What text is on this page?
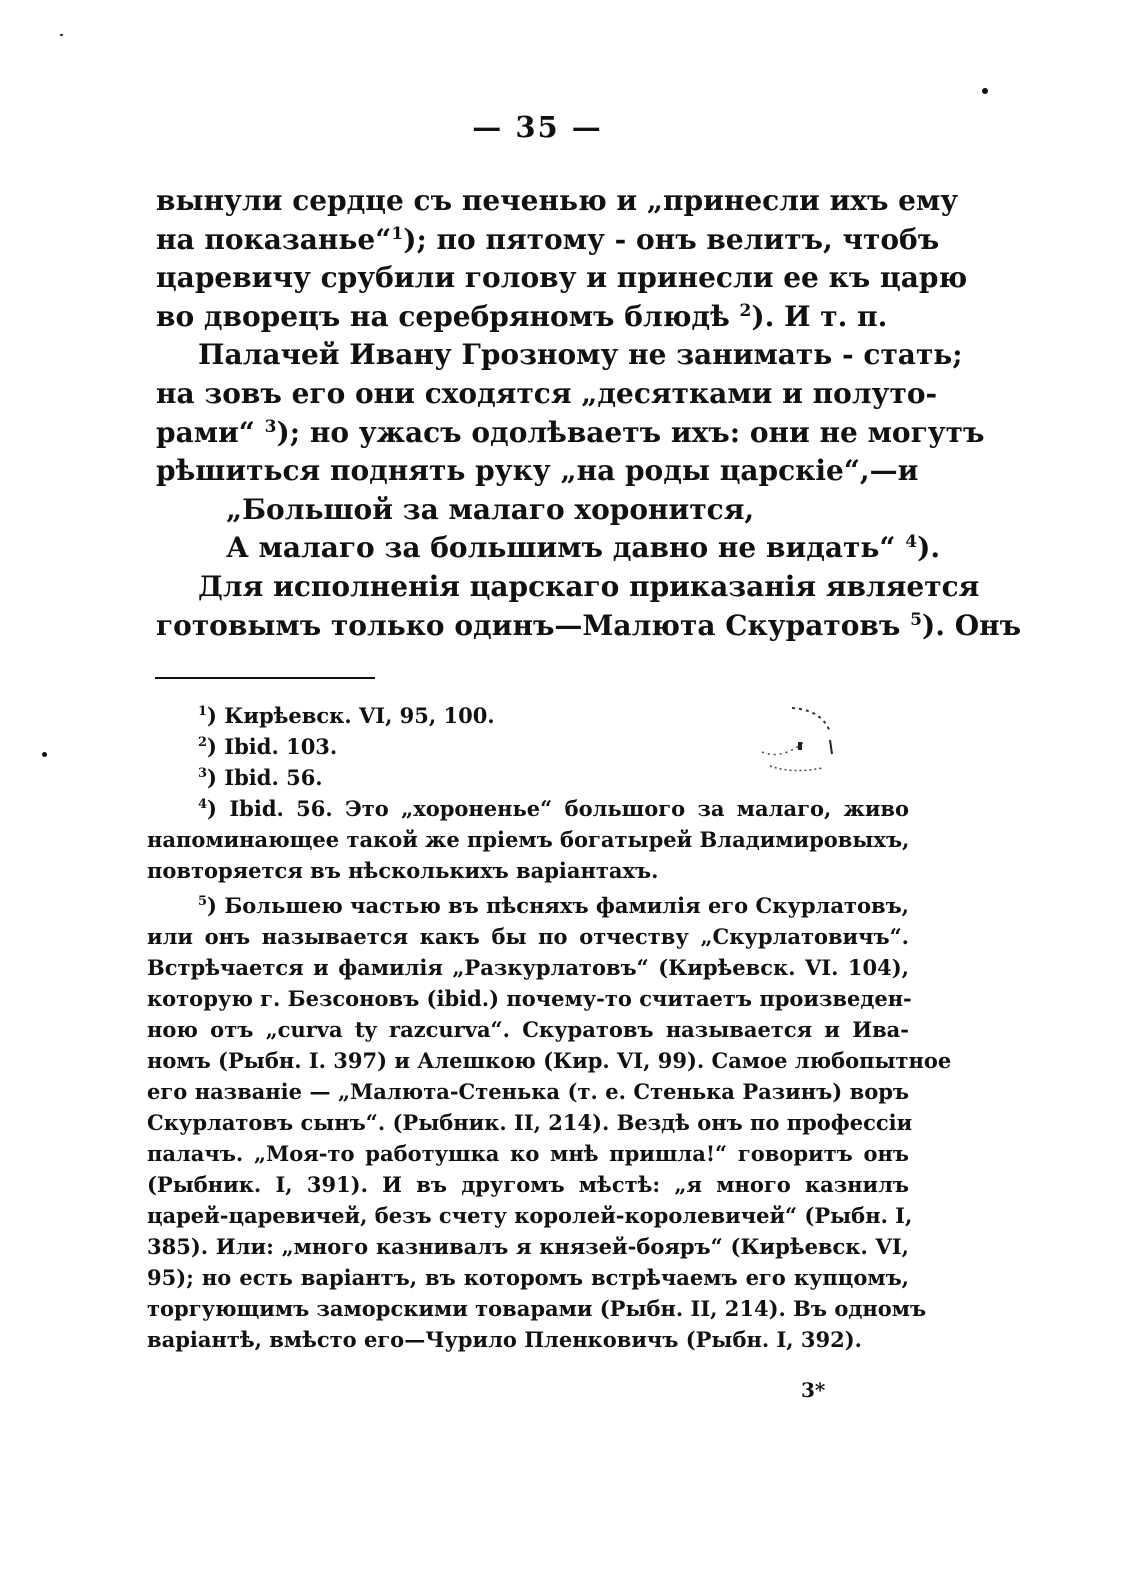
— 35 —
вынули сердце съ печенью и „принесли ихъ ему
на показанье“$^1$); по пятому - онъ велитъ, чтобъ
царевичу срубили голову и принесли ее къ царю
во дворецъ на серебряномъ блюдѣ $^2$). И т. п.
Палачей Ивану Грозному не занимать - стать;
на зовъ его они сходятся „десятками и полуто-
рами“ $^3$); но ужасъ одолѣваетъ ихъ: они не могутъ
рѣшиться поднять руку „на роды царскіе“,—и
„Большой за малаго хоронится,
А малаго за большимъ давно не видать“ $^4$).
Для исполненія царскаго приказанія является
готовымъ только одинъ—Малюта Скуратовъ $^5$). Онъ
$^1$) Кирѣевск. VI, 95, 100.
$^2$) Ibid. 103.
$^3$) Ibid. 56.
$^4$) Ibid. 56. Это „хороненье“ большого за малаго, живо
напоминающее такой же пріемъ богатырей Владимировыхъ,
повторяется въ нѣсколькихъ варіантахъ.
$^5$) Большею частью въ пѣсняхъ фамилія его Скурлатовъ,
или онъ называется какъ бы по отчеству „Скурлатовичъ“.
Встрѣчается и фамилія „Разкурлатовъ“ (Кирѣевск. VI. 104),
которую г. Безсоновъ (ibid.) почему-то считаетъ произведен-
ною отъ „curva ty razcurva“. Скуратовъ называется и Ива-
номъ (Рыбн. I. 397) и Алешкою (Кир. VI, 99). Самое любопытное
его названіе — „Малюта-Стенька (т. е. Стенька Разинъ) воръ
Скурлатовъ сынъ“. (Рыбник. II, 214). Вездѣ онъ по профессіи
палачъ. „Моя-то работушка ко мнѣ пришла!“ говоритъ онъ
(Рыбник. I, 391). И въ другомъ мѣстѣ: „я много казнилъ
царей-царевичей, безъ счету королей-королевичей“ (Рыбн. I,
385). Или: „много казнивалъ я князей-бояръ“ (Кирѣевск. VI,
95); но есть варіантъ, въ которомъ встрѣчаемъ его купцомъ,
торгующимъ заморскими товарами (Рыбн. II, 214). Въ одномъ
варіантѣ, вмѣсто его—Чурило Пленковичъ (Рыбн. I, 392).
3*
